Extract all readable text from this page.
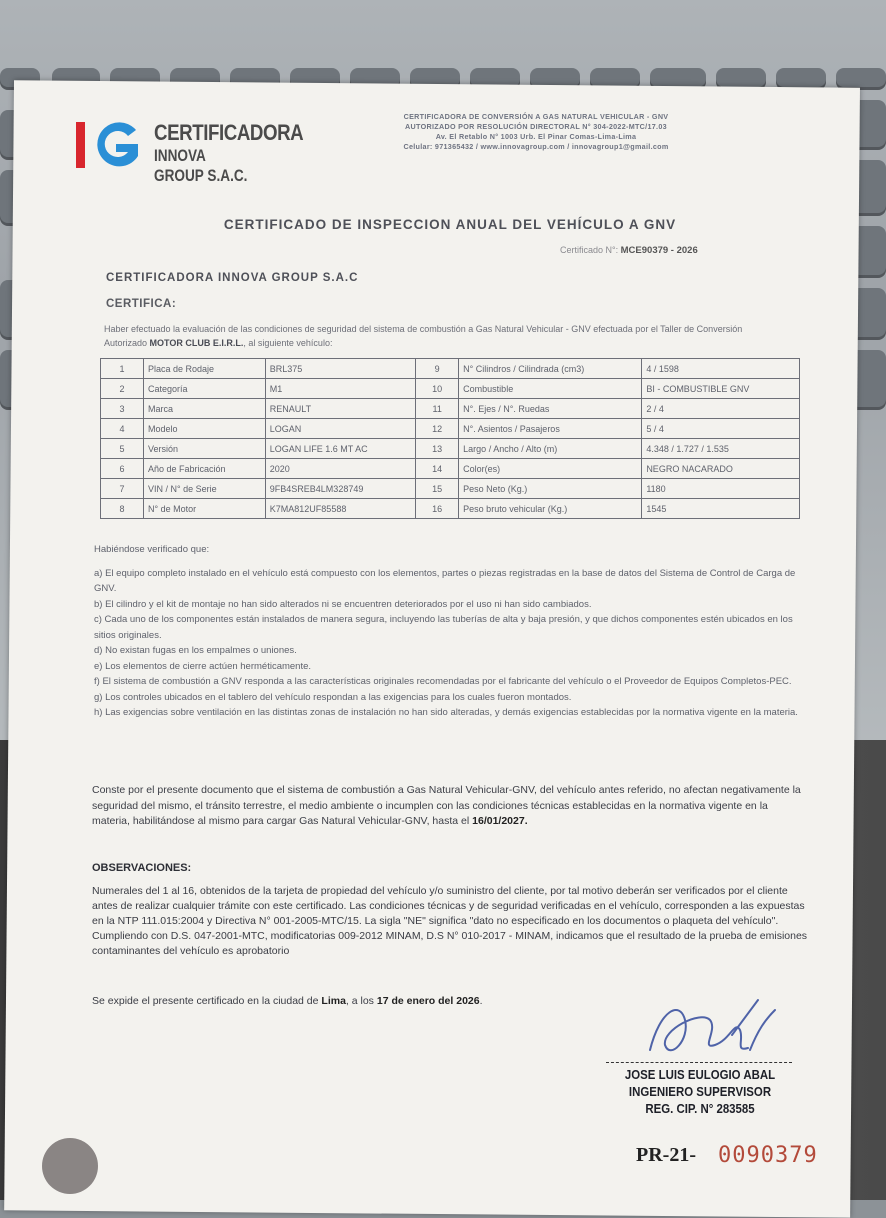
CERTIFICADORA
INNOVA GROUP S.A.C.
CERTIFICADORA DE CONVERSIÓN A GAS NATURAL VEHICULAR - GNV
AUTORIZADO POR RESOLUCIÓN DIRECTORAL N° 304-2022-MTC/17.03
Av. El Retablo N° 1003 Urb. El Pinar Comas-Lima-Lima
Celular: 971365432 / www.innovagroup.com / innovagroup1@gmail.com
CERTIFICADO DE INSPECCION ANUAL DEL VEHÍCULO A GNV
Certificado N°: MCE90379 - 2026
CERTIFICADORA INNOVA GROUP S.A.C
CERTIFICA:
Haber efectuado la evaluación de las condiciones de seguridad del sistema de combustión a Gas Natural Vehicular - GNV efectuada por el Taller de Conversión Autorizado MOTOR CLUB E.I.R.L., al siguiente vehículo:
1	Placa de Rodaje	BRL375	9	N° Cilindros / Cilindrada (cm3)	4 / 1598
2	Categoría	M1	10	Combustible	BI - COMBUSTIBLE GNV
3	Marca	RENAULT	11	N°. Ejes / N°. Ruedas	2 / 4
4	Modelo	LOGAN	12	N°. Asientos / Pasajeros	5 / 4
5	Versión	LOGAN LIFE 1.6 MT AC	13	Largo / Ancho / Alto (m)	4.348 / 1.727 / 1.535
6	Año de Fabricación	2020	14	Color(es)	NEGRO NACARADO
7	VIN / N° de Serie	9FB4SREB4LM328749	15	Peso Neto (Kg.)	1180
8	N° de Motor	K7MA812UF85588	16	Peso bruto vehicular (Kg.)	1545

Habiéndose verificado que:

a) El equipo completo instalado en el vehículo está compuesto con los elementos, partes o piezas registradas en la base de datos del Sistema de Control de Carga de GNV.

b) El cilindro y el kit de montaje no han sido alterados ni se encuentren deteriorados por el uso ni han sido cambiados.

c) Cada uno de los componentes están instalados de manera segura, incluyendo las tuberías de alta y baja presión, y que dichos componentes estén ubicados en los sitios originales.

d) No existan fugas en los empalmes o uniones.

e) Los elementos de cierre actúen herméticamente.

f) El sistema de combustión a GNV responda a las características originales recomendadas por el fabricante del vehículo o el Proveedor de Equipos Completos-PEC.

g) Los controles ubicados en el tablero del vehículo respondan a las exigencias para los cuales fueron montados.

h) Las exigencias sobre ventilación en las distintas zonas de instalación no han sido alteradas, y demás exigencias establecidas por la normativa vigente en la materia.

Conste por el presente documento que el sistema de combustión a Gas Natural Vehicular-GNV, del vehículo antes referido, no afectan negativamente la seguridad del mismo, el tránsito terrestre, el medio ambiente o incumplen con las condiciones técnicas establecidas en la normativa vigente en la materia, habilitándose al mismo para cargar Gas Natural Vehicular-GNV, hasta el 16/01/2027.
OBSERVACIONES:

Numerales del 1 al 16, obtenidos de la tarjeta de propiedad del vehículo y/o suministro del cliente, por tal motivo deberán ser verificados por el cliente antes de realizar cualquier trámite con este certificado. Las condiciones técnicas y de seguridad verificadas en el vehículo, corresponden a las expuestas en la NTP 111.015:2004 y Directiva N° 001-2005-MTC/15. La sigla "NE" significa "dato no especificado en los documentos o plaqueta del vehículo".

Cumpliendo con D.S. 047-2001-MTC, modificatorias 009-2012 MINAM, D.S N° 010-2017 - MINAM, indicamos que el resultado de la prueba de emisiones contaminantes del vehículo es aprobatorio

Se expide el presente certificado en la ciudad de Lima, a los 17 de enero del 2026.
JOSE LUIS EULOGIO ABAL
INGENIERO SUPERVISOR
REG. CIP. N° 283585
PR-21- 0090379
